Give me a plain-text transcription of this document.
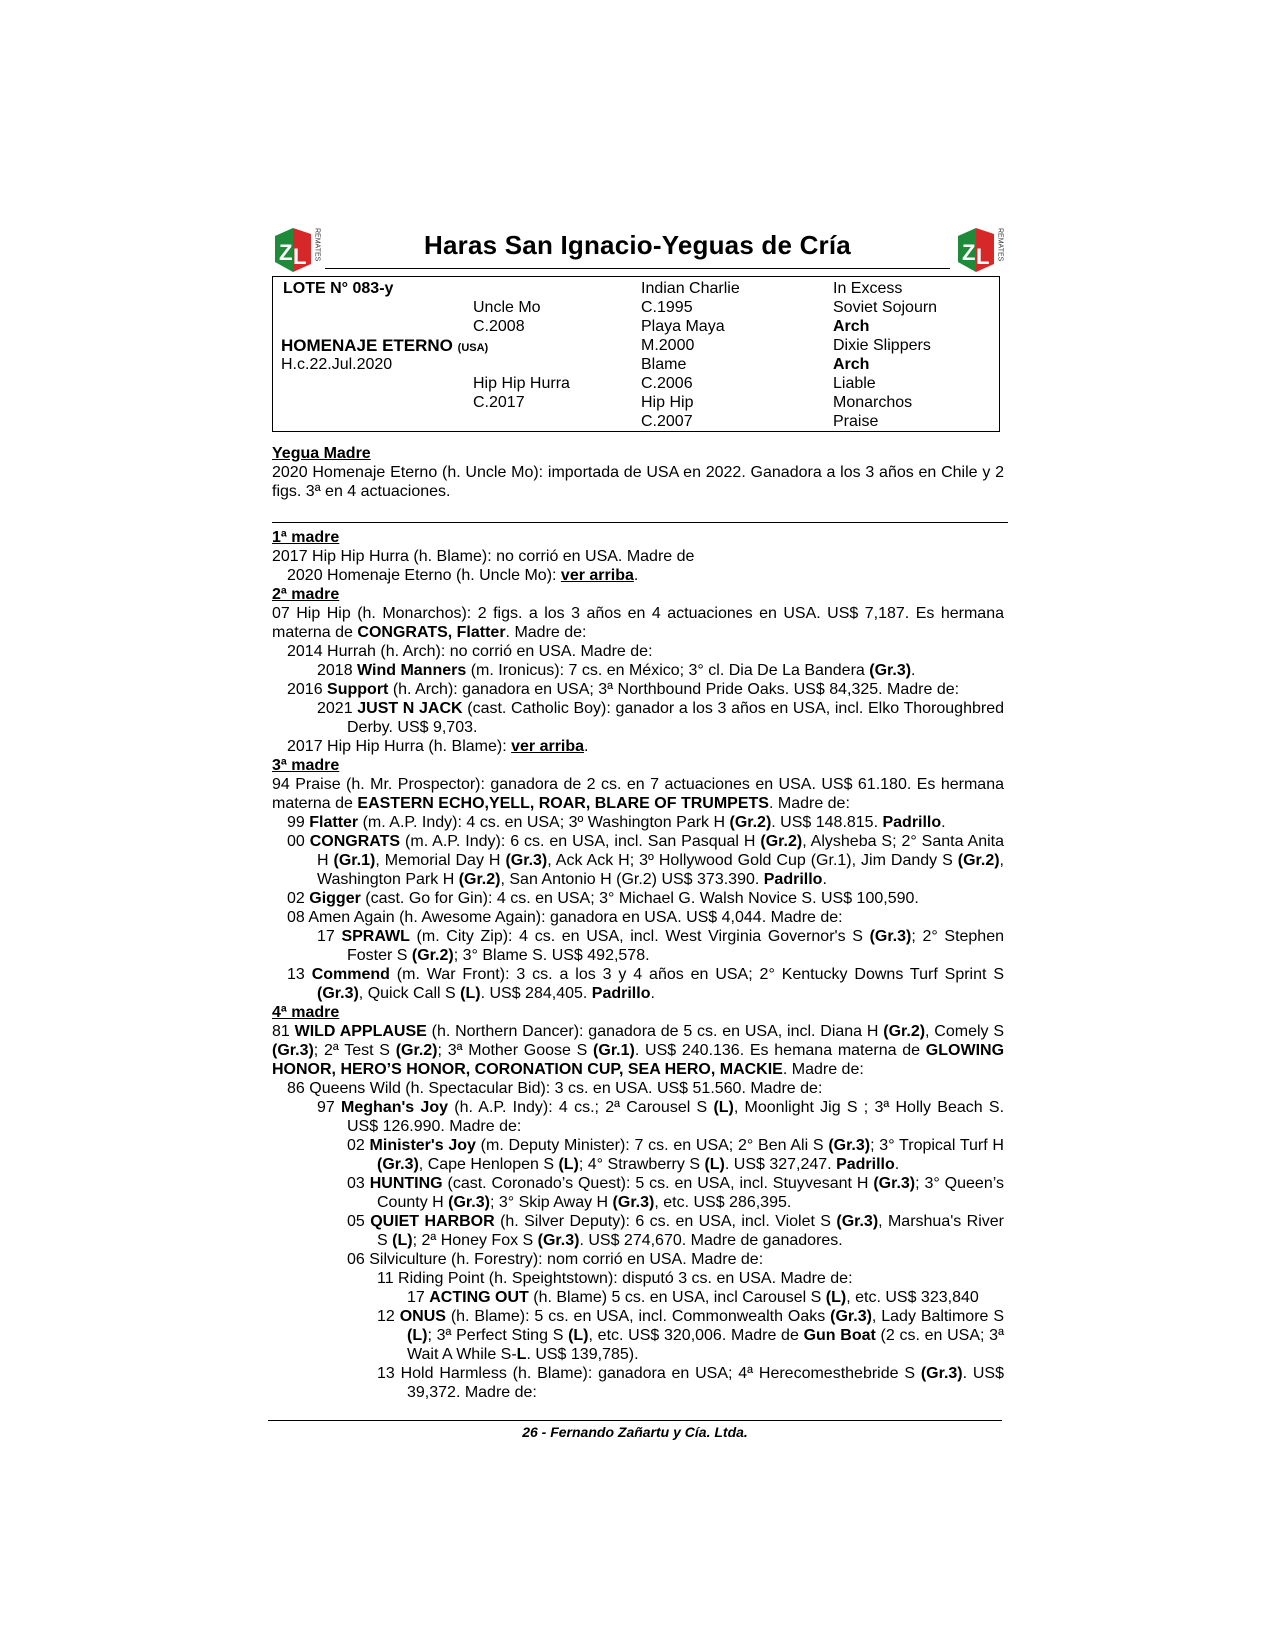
Z L REMATES	Z L REMATES
Haras San Ignacio-Yeguas de Cría
LOTE N° 083-y
HOMENAJE ETERNO (USA)
H.c.22.Jul.2020
Uncle Mo
C.2008
Hip Hip Hurra
C.2017
Indian Charlie
C.1995
Playa Maya
M.2000
Blame
C.2006
Hip Hip
C.2007
In Excess
Soviet Sojourn
Arch
Dixie Slippers
Arch
Liable
Monarchos
Praise
Yegua Madre
2020 Homenaje Eterno (h. Uncle Mo): importada de USA en 2022. Ganadora a los 3 años en Chile y 2 figs. 3ª en 4 actuaciones.
1ª madre
2017 Hip Hip Hurra (h. Blame): no corrió en USA. Madre de
2020 Homenaje Eterno (h. Uncle Mo): ver arriba.
2ª madre
07 Hip Hip (h. Monarchos): 2 figs. a los 3 años en 4 actuaciones en USA. US$ 7,187. Es hermana materna de CONGRATS, Flatter. Madre de:
2014 Hurrah (h. Arch): no corrió en USA. Madre de:
2018 Wind Manners (m. Ironicus): 7 cs. en México; 3° cl. Dia De La Bandera (Gr.3).
2016 Support (h. Arch): ganadora en USA; 3ª Northbound Pride Oaks. US$ 84,325. Madre de:
2021 JUST N JACK (cast. Catholic Boy): ganador a los 3 años en USA, incl. Elko Thoroughbred Derby. US$ 9,703.
2017 Hip Hip Hurra (h. Blame): ver arriba.
3ª madre
94 Praise (h. Mr. Prospector): ganadora de 2 cs. en 7 actuaciones en USA. US$ 61.180. Es hermana materna de EASTERN ECHO,YELL, ROAR, BLARE OF TRUMPETS. Madre de:
99 Flatter (m. A.P. Indy): 4 cs. en USA; 3º Washington Park H (Gr.2). US$ 148.815. Padrillo.
00 CONGRATS (m. A.P. Indy): 6 cs. en USA, incl. San Pasqual H (Gr.2), Alysheba S; 2° Santa Anita H (Gr.1), Memorial Day H (Gr.3), Ack Ack H; 3º Hollywood Gold Cup (Gr.1), Jim Dandy S (Gr.2), Washington Park H (Gr.2), San Antonio H (Gr.2) US$ 373.390. Padrillo.
02 Gigger (cast. Go for Gin): 4 cs. en USA; 3° Michael G. Walsh Novice S. US$ 100,590.
08 Amen Again (h. Awesome Again): ganadora en USA. US$ 4,044. Madre de:
17 SPRAWL (m. City Zip): 4 cs. en USA, incl. West Virginia Governor's S (Gr.3); 2° Stephen Foster S (Gr.2); 3° Blame S. US$ 492,578.
13 Commend (m. War Front): 3 cs. a los 3 y 4 años en USA; 2° Kentucky Downs Turf Sprint S (Gr.3), Quick Call S (L). US$ 284,405. Padrillo.
4ª madre
81 WILD APPLAUSE (h. Northern Dancer): ganadora de 5 cs. en USA, incl. Diana H (Gr.2), Comely S (Gr.3); 2ª Test S (Gr.2); 3ª Mother Goose S (Gr.1). US$ 240.136. Es hemana materna de GLOWING HONOR, HERO’S HONOR, CORONATION CUP, SEA HERO, MACKIE. Madre de:
86 Queens Wild (h. Spectacular Bid): 3 cs. en USA. US$ 51.560. Madre de:
97 Meghan's Joy (h. A.P. Indy): 4 cs.; 2ª Carousel S (L), Moonlight Jig S ; 3ª Holly Beach S. US$ 126.990. Madre de:
02 Minister's Joy (m. Deputy Minister): 7 cs. en USA; 2° Ben Ali S (Gr.3); 3° Tropical Turf H (Gr.3), Cape Henlopen S (L); 4° Strawberry S (L). US$ 327,247. Padrillo.
03 HUNTING (cast. Coronado’s Quest): 5 cs. en USA, incl. Stuyvesant H (Gr.3); 3° Queen’s County H (Gr.3); 3° Skip Away H (Gr.3), etc. US$ 286,395.
05 QUIET HARBOR (h. Silver Deputy): 6 cs. en USA, incl. Violet S (Gr.3), Marshua's River S (L); 2ª Honey Fox S (Gr.3). US$ 274,670. Madre de ganadores.
06 Silviculture (h. Forestry): nom corrió en USA. Madre de:
11 Riding Point (h. Speightstown): disputó 3 cs. en USA. Madre de:
17 ACTING OUT (h. Blame) 5 cs. en USA, incl Carousel S (L), etc. US$ 323,840
12 ONUS (h. Blame): 5 cs. en USA, incl. Commonwealth Oaks (Gr.3), Lady Baltimore S (L); 3ª Perfect Sting S (L), etc. US$ 320,006. Madre de Gun Boat (2 cs. en USA; 3ª Wait A While S-L. US$ 139,785).
13 Hold Harmless (h. Blame): ganadora en USA; 4ª Herecomesthebride S (Gr.3). US$ 39,372. Madre de:
26 - Fernando Zañartu y Cía. Ltda.
